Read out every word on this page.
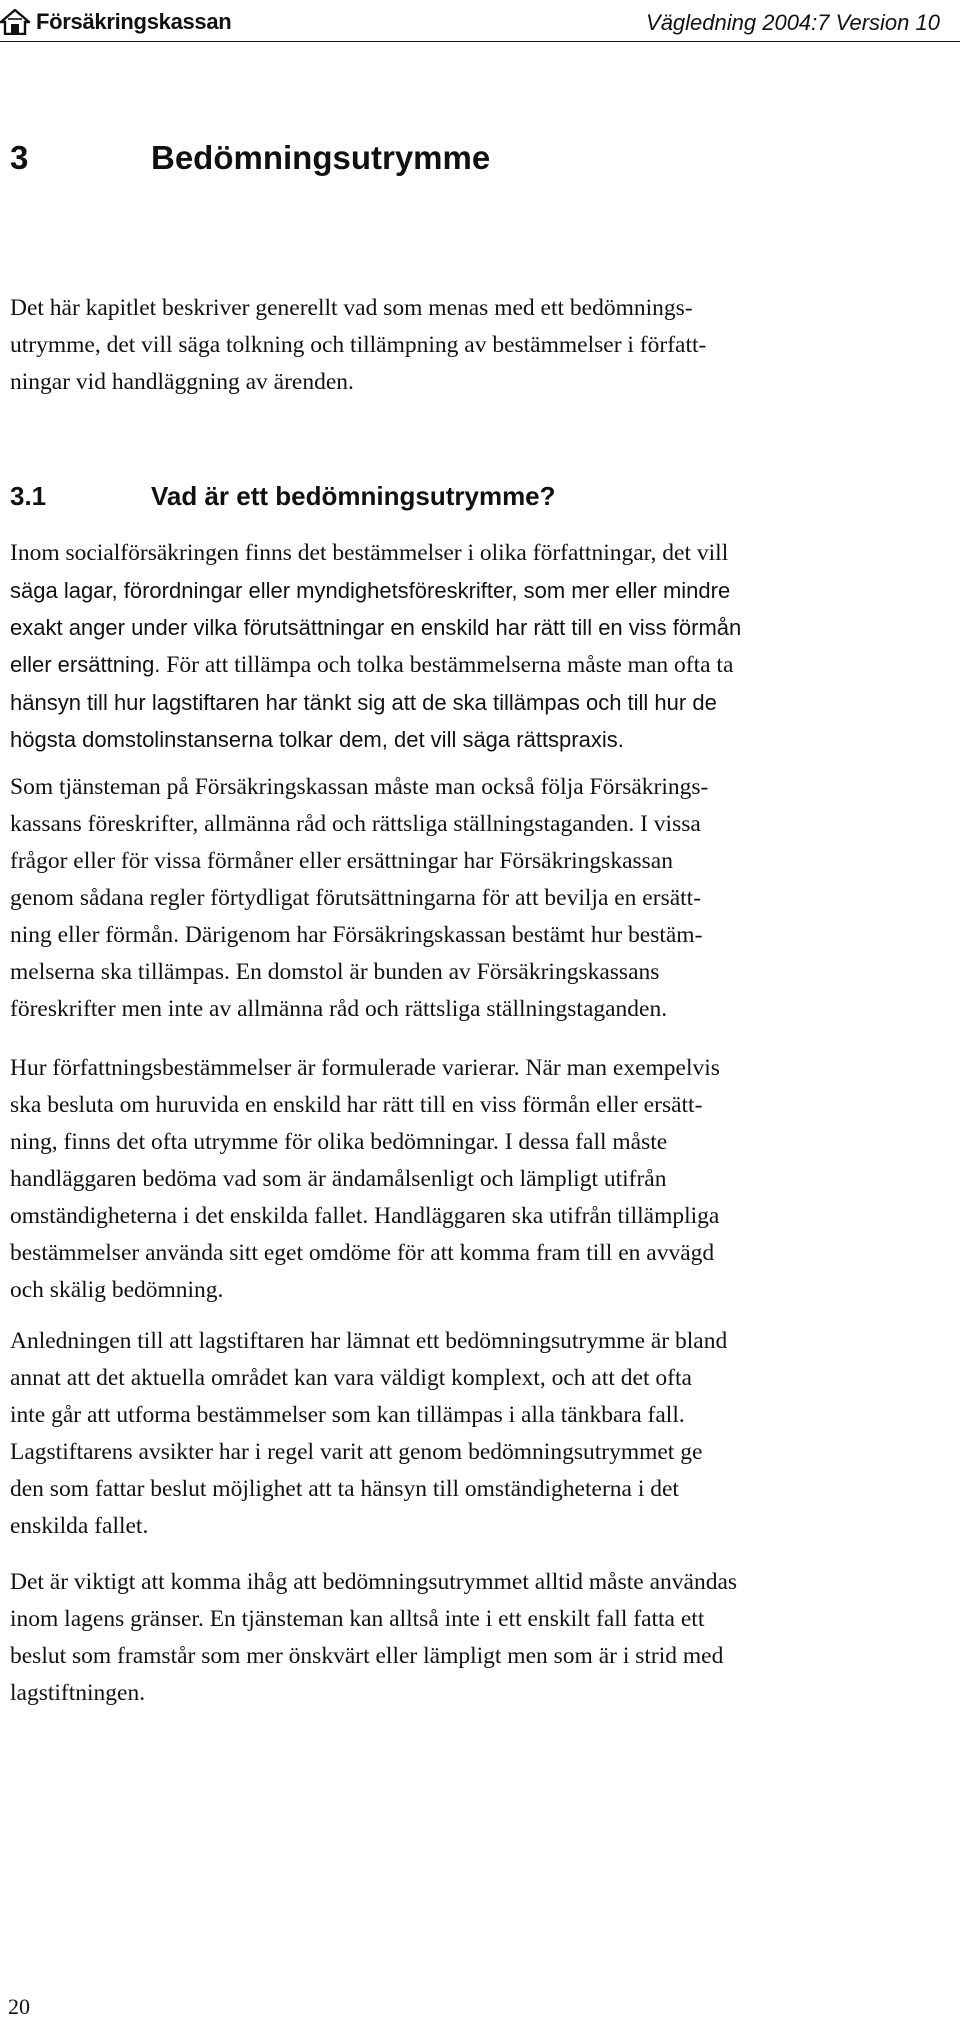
Försäkringskassan	Vägledning 2004:7 Version 10
3	Bedömningsutrymme

Det här kapitlet beskriver generellt vad som menas med ett bedömnings-
utrymme, det vill säga tolkning och tillämpning av bestämmelser i författ-
ningar vid handläggning av ärenden.

3.1	Vad är ett bedömningsutrymme?

Inom socialförsäkringen finns det bestämmelser i olika författningar, det vill
säga lagar, förordningar eller myndighetsföreskrifter, som mer eller mindre
exakt anger under vilka förutsättningar en enskild har rätt till en viss förmån
eller ersättning. För att tillämpa och tolka bestämmelserna måste man ofta ta
hänsyn till hur lagstiftaren har tänkt sig att de ska tillämpas och till hur de
högsta domstolinstanserna tolkar dem, det vill säga rättspraxis.

Som tjänsteman på Försäkringskassan måste man också följa Försäkrings-
kassans föreskrifter, allmänna råd och rättsliga ställningstaganden. I vissa
frågor eller för vissa förmåner eller ersättningar har Försäkringskassan
genom sådana regler förtydligat förutsättningarna för att bevilja en ersätt-
ning eller förmån. Därigenom har Försäkringskassan bestämt hur bestäm-
melserna ska tillämpas. En domstol är bunden av Försäkringskassans
föreskrifter men inte av allmänna råd och rättsliga ställningstaganden.

Hur författningsbestämmelser är formulerade varierar. När man exempelvis
ska besluta om huruvida en enskild har rätt till en viss förmån eller ersätt-
ning, finns det ofta utrymme för olika bedömningar. I dessa fall måste
handläggaren bedöma vad som är ändamålsenligt och lämpligt utifrån
omständigheterna i det enskilda fallet. Handläggaren ska utifrån tillämpliga
bestämmelser använda sitt eget omdöme för att komma fram till en avvägd
och skälig bedömning.

Anledningen till att lagstiftaren har lämnat ett bedömningsutrymme är bland
annat att det aktuella området kan vara väldigt komplext, och att det ofta
inte går att utforma bestämmelser som kan tillämpas i alla tänkbara fall.
Lagstiftarens avsikter har i regel varit att genom bedömningsutrymmet ge
den som fattar beslut möjlighet att ta hänsyn till omständigheterna i det
enskilda fallet.

Det är viktigt att komma ihåg att bedömningsutrymmet alltid måste användas
inom lagens gränser. En tjänsteman kan alltså inte i ett enskilt fall fatta ett
beslut som framstår som mer önskvärt eller lämpligt men som är i strid med
lagstiftningen.

20
